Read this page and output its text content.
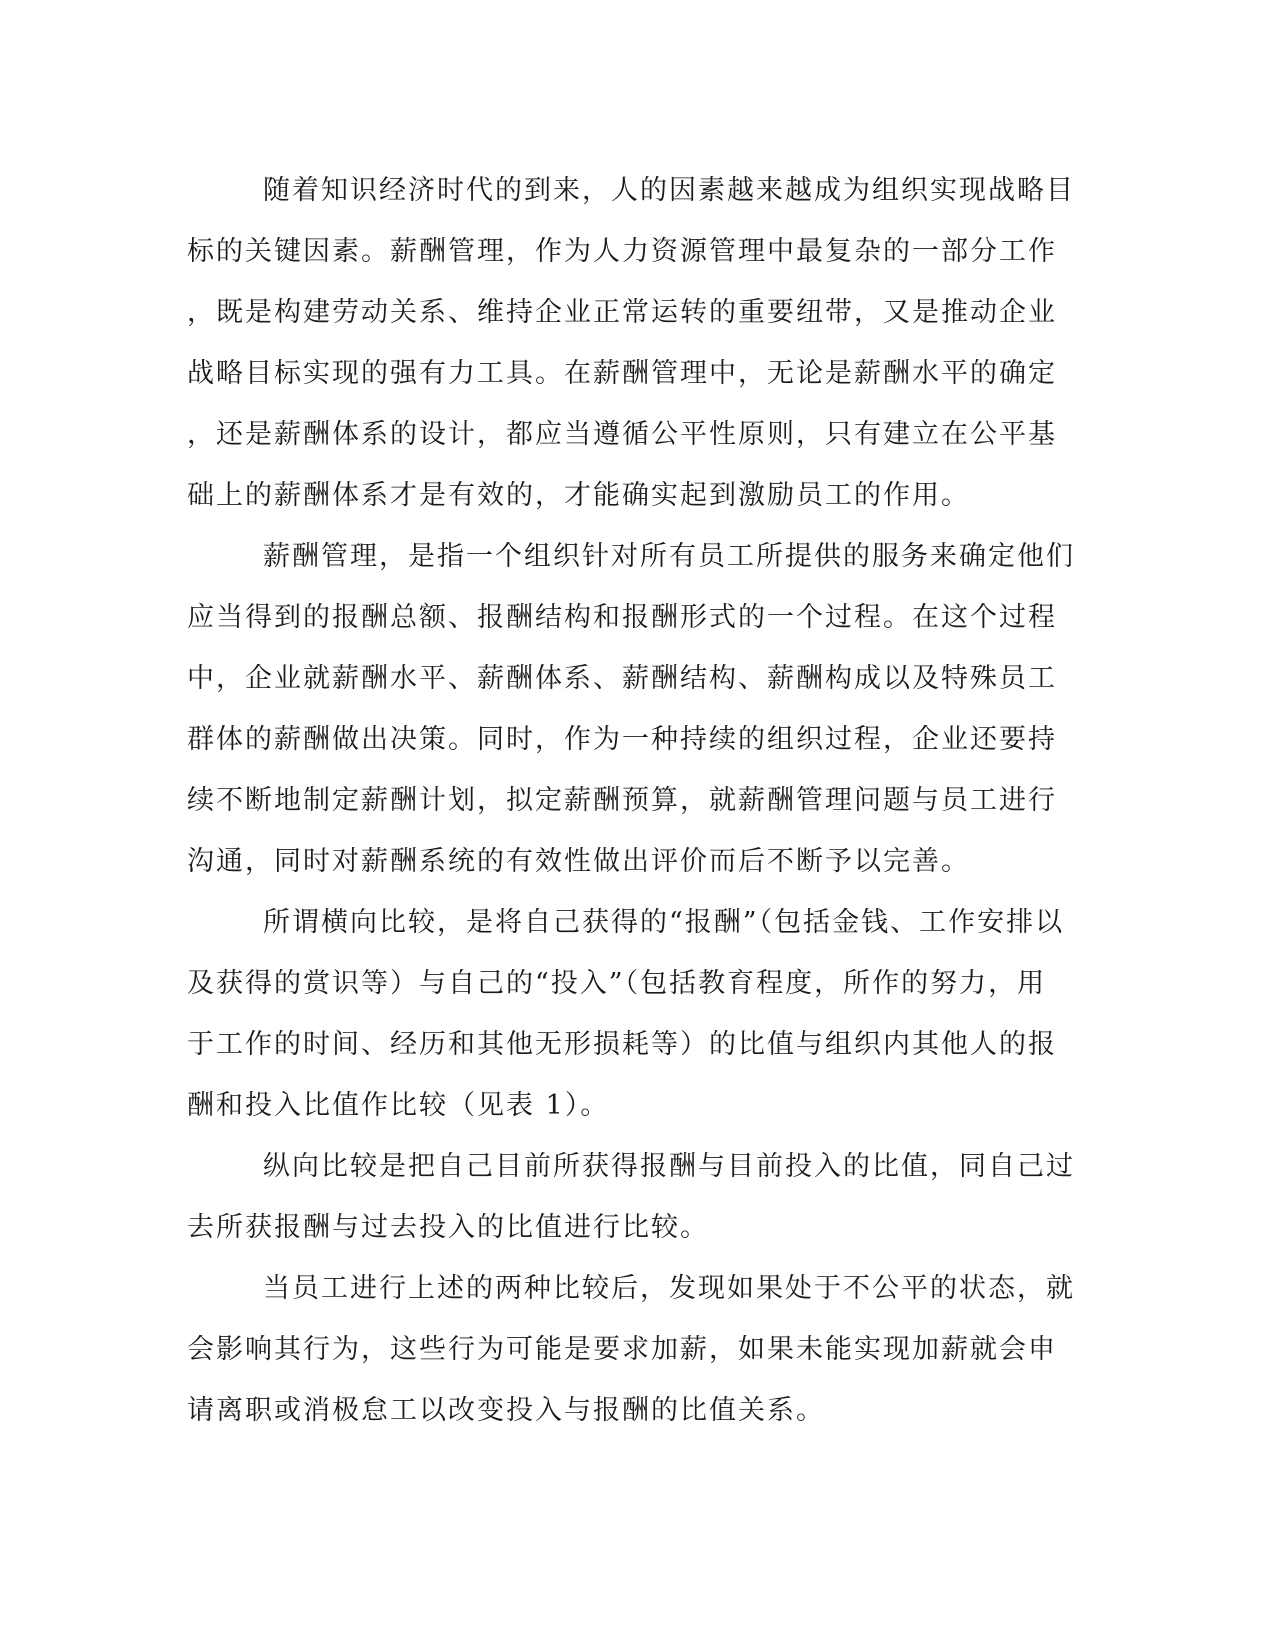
随着知识经济时代的到来，人的因素越来越成为组织实现战略目
标的关键因素。薪酬管理，作为人力资源管理中最复杂的一部分工作
，既是构建劳动关系、维持企业正常运转的重要纽带，又是推动企业
战略目标实现的强有力工具。在薪酬管理中，无论是薪酬水平的确定
，还是薪酬体系的设计，都应当遵循公平性原则，只有建立在公平基
础上的薪酬体系才是有效的，才能确实起到激励员工的作用。
薪酬管理，是指一个组织针对所有员工所提供的服务来确定他们
应当得到的报酬总额、报酬结构和报酬形式的一个过程。在这个过程
中，企业就薪酬水平、薪酬体系、薪酬结构、薪酬构成以及特殊员工
群体的薪酬做出决策。同时，作为一种持续的组织过程，企业还要持
续不断地制定薪酬计划，拟定薪酬预算，就薪酬管理问题与员工进行
沟通，同时对薪酬系统的有效性做出评价而后不断予以完善。
所谓横向比较，是将自己获得的“报酬”（包括金钱、工作安排以
及获得的赏识等）与自己的“投入”（包括教育程度，所作的努力，用
于工作的时间、经历和其他无形损耗等）的比值与组织内其他人的报
酬和投入比值作比较（见表 1）。
纵向比较是把自己目前所获得报酬与目前投入的比值，同自己过
去所获报酬与过去投入的比值进行比较。
当员工进行上述的两种比较后，发现如果处于不公平的状态，就
会影响其行为，这些行为可能是要求加薪，如果未能实现加薪就会申
请离职或消极怠工以改变投入与报酬的比值关系。
